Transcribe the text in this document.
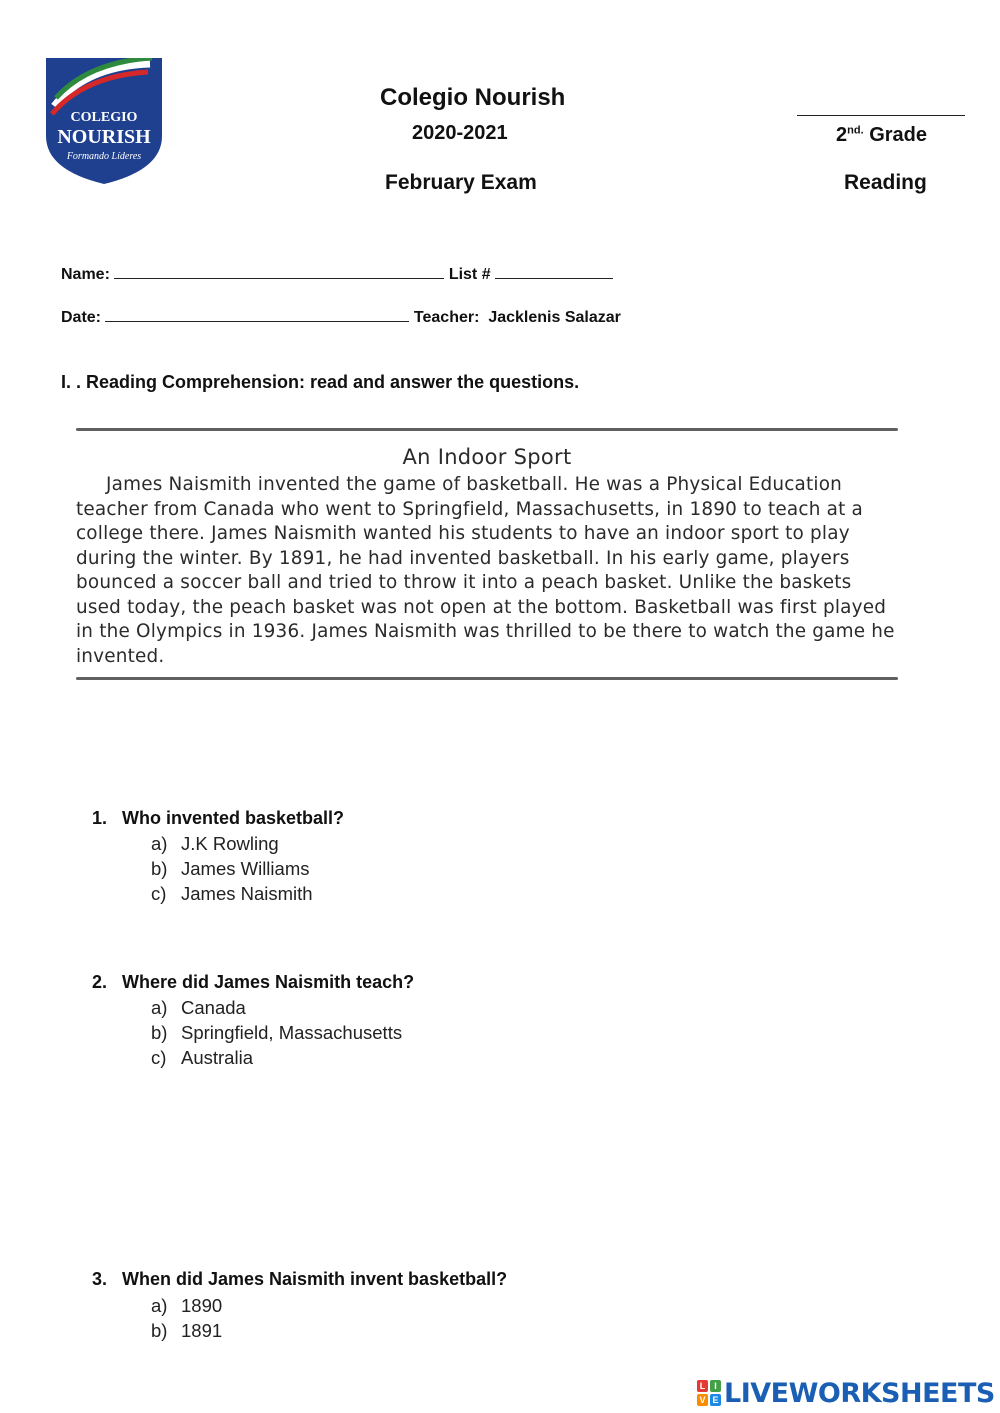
COLEGIO
NOURISH
Formando Líderes
Colegio Nourish
2020-2021
February Exam
$2^{nd.}$ Grade
Reading
Name:	List #
Date:	Teacher: Jacklenis Salazar
I. . Reading Comprehension: read and answer the questions.
An Indoor Sport

James Naismith invented the game of basketball. He was a Physical Education teacher from Canada who went to Springfield, Massachusetts, in 1890 to teach at a college there. James Naismith wanted his students to have an indoor sport to play during the winter. By 1891, he had invented basketball. In his early game, players bounced a soccer ball and tried to throw it into a peach basket. Unlike the baskets used today, the peach basket was not open at the bottom. Basketball was first played in the Olympics in 1936. James Naismith was thrilled to be there to watch the game he invented.

1. Who invented basketball?
a) J.K Rowling
b) James Williams
c) James Naismith
2. Where did James Naismith teach?
a) Canada
b) Springfield, Massachusetts
c) Australia
3. When did James Naismith invent basketball?
a) 1890
b) 1891
L I
V E LIVEWORKSHEETS
